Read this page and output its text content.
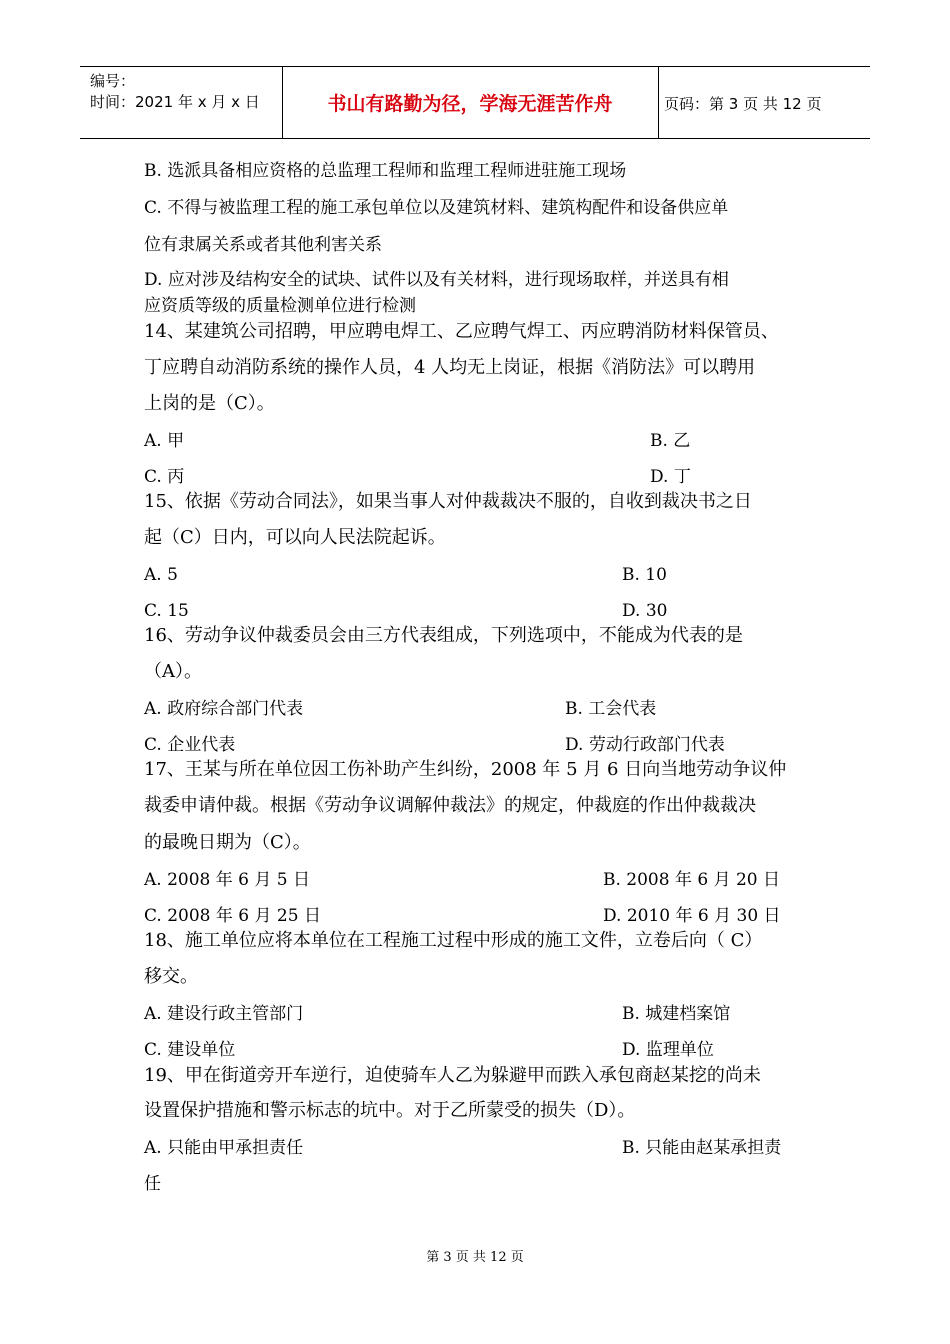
编号：
时间：2021 年 x 月 x 日	书山有路勤为径，学海无涯苦作舟	页码：第 3 页 共 12 页
B. 选派具备相应资格的总监理工程师和监理工程师进驻施工现场
C. 不得与被监理工程的施工承包单位以及建筑材料、建筑构配件和设备供应单
位有隶属关系或者其他利害关系
D. 应对涉及结构安全的试块、试件以及有关材料，进行现场取样，并送具有相
应资质等级的质量检测单位进行检测
14、某建筑公司招聘，甲应聘电焊工、乙应聘气焊工、丙应聘消防材料保管员、
丁应聘自动消防系统的操作人员，4 人均无上岗证，根据《消防法》可以聘用
上岗的是（C）。
A. 甲	B. 乙
C. 丙	D. 丁
15、依据《劳动合同法》，如果当事人对仲裁裁决不服的，自收到裁决书之日
起（C）日内，可以向人民法院起诉。
A. 5	B. 10
C. 15	D. 30
16、劳动争议仲裁委员会由三方代表组成，下列选项中，不能成为代表的是
（A）。
A. 政府综合部门代表	B. 工会代表
C. 企业代表	D. 劳动行政部门代表
17、王某与所在单位因工伤补助产生纠纷，2008 年 5 月 6 日向当地劳动争议仲
裁委申请仲裁。根据《劳动争议调解仲裁法》的规定，仲裁庭的作出仲裁裁决
的最晚日期为（C）。
A. 2008 年 6 月 5 日	B. 2008 年 6 月 20 日
C. 2008 年 6 月 25 日	D. 2010 年 6 月 30 日
18、施工单位应将本单位在工程施工过程中形成的施工文件，立卷后向（ C）
移交。
A. 建设行政主管部门	B. 城建档案馆
C. 建设单位	D. 监理单位
19、甲在街道旁开车逆行，迫使骑车人乙为躲避甲而跌入承包商赵某挖的尚未
设置保护措施和警示标志的坑中。对于乙所蒙受的损失（D）。
A. 只能由甲承担责任	B. 只能由赵某承担责
任
第 3 页 共 12 页
